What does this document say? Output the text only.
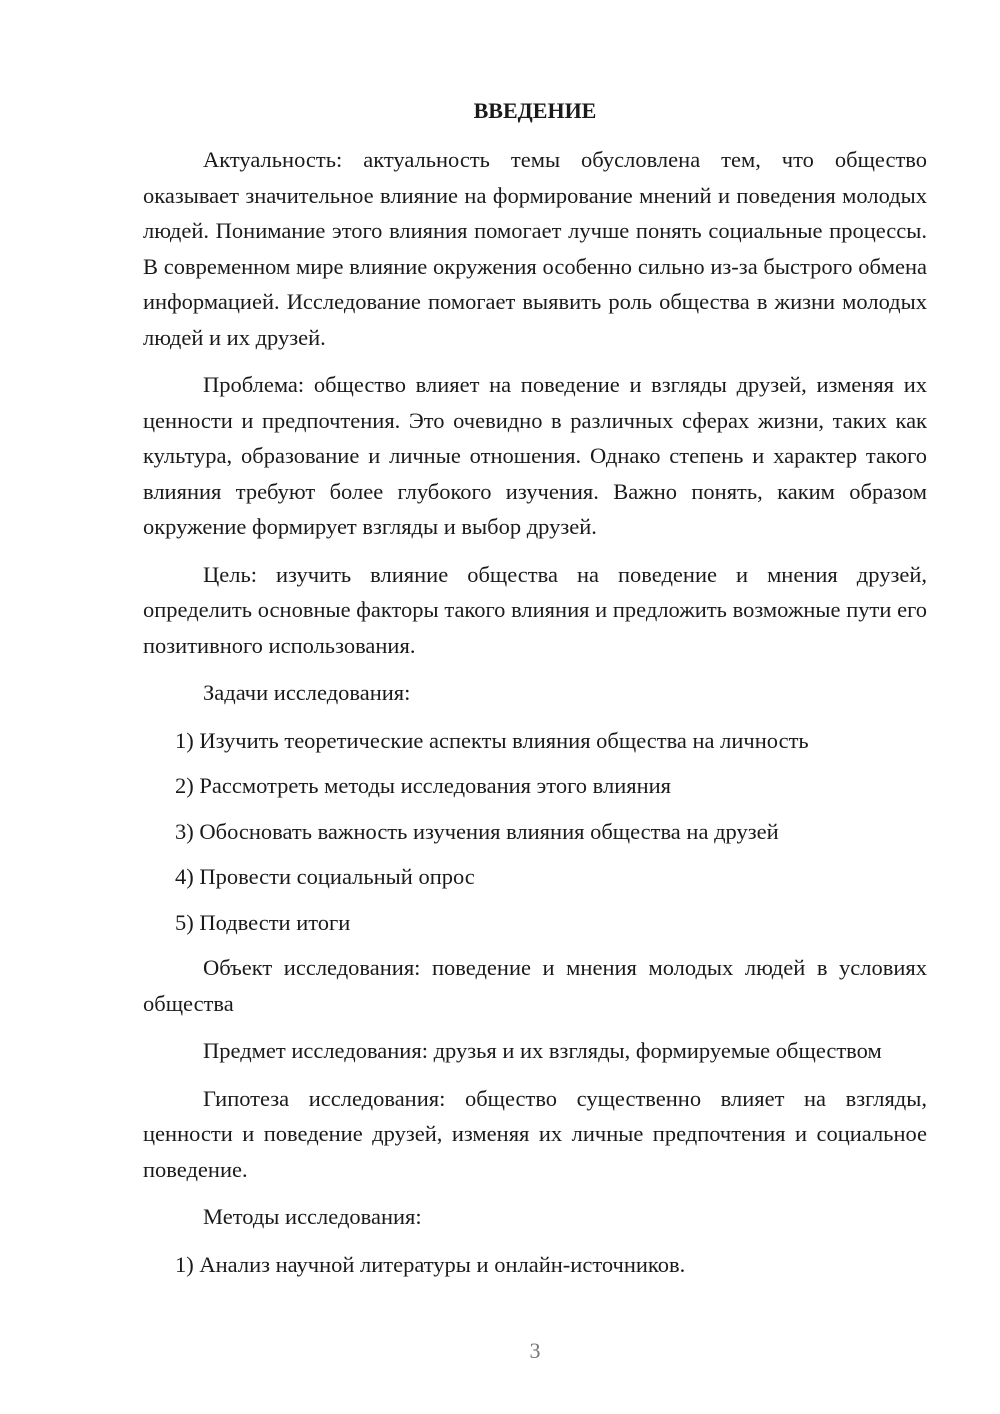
ВВЕДЕНИЕ

Актуальность: актуальность темы обусловлена тем, что общество оказывает значительное влияние на формирование мнений и поведения молодых людей. Понимание этого влияния помогает лучше понять социальные процессы. В современном мире влияние окружения особенно сильно из-за быстрого обмена информацией. Исследование помогает выявить роль общества в жизни молодых людей и их друзей.

Проблема: общество влияет на поведение и взгляды друзей, изменяя их ценности и предпочтения. Это очевидно в различных сферах жизни, таких как культура, образование и личные отношения. Однако степень и характер такого влияния требуют более глубокого изучения. Важно понять, каким образом окружение формирует взгляды и выбор друзей.

Цель: изучить влияние общества на поведение и мнения друзей, определить основные факторы такого влияния и предложить возможные пути его позитивного использования.

Задачи исследования:

1) Изучить теоретические аспекты влияния общества на личность
2) Рассмотреть методы исследования этого влияния
3) Обосновать важность изучения влияния общества на друзей
4) Провести социальный опрос
5) Подвести итоги

Объект исследования: поведение и мнения молодых людей в условиях общества

Предмет исследования: друзья и их взгляды, формируемые обществом

Гипотеза исследования: общество существенно влияет на взгляды, ценности и поведение друзей, изменяя их личные предпочтения и социальное поведение.

Методы исследования:

1) Анализ научной литературы и онлайн-источников.
3
